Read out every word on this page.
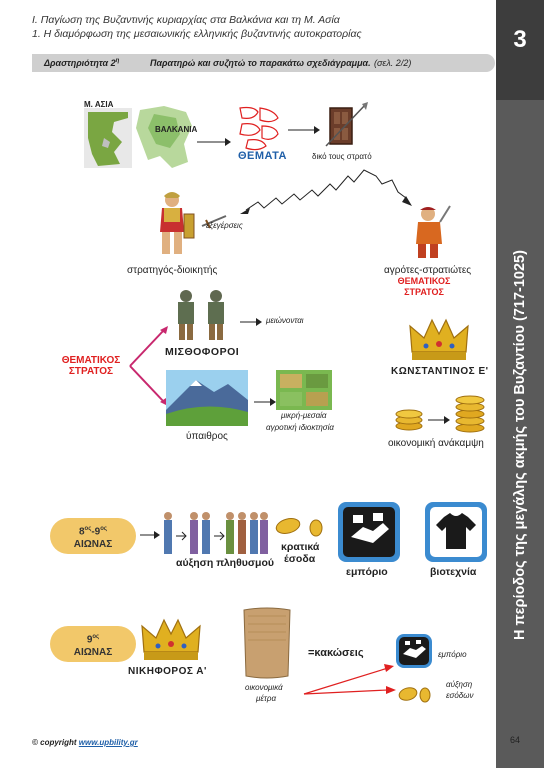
3
Η περίοδος της μεγάλης ακμής του Βυζαντίου (717-1025)
Ι. Παγίωση της Βυζαντινής κυριαρχίας στα Βαλκάνια και τη Μ. Ασία
1. Η διαμόρφωση της μεσαιωνικής ελληνικής βυζαντινής αυτοκρατορίας
Δραστηριότητα $2^\eta$	Παρατηρώ και συζητώ το παρακάτω σχεδιάγραμμα. (σελ. 2/2)
Μ. ΑΣΙΑ
ΒΑΛΚΑΝΙΑ
ΘΕΜΑΤΑ	δικό τους στρατό
εξεγέρσεις
στρατηγός-διοικητής	αγρότες-στρατιώτες
ΘΕΜΑΤΙΚΟΣ
ΣΤΡΑΤΟΣ
ΘΕΜΑΤΙΚΟΣ
ΣΤΡΑΤΟΣ
μειώνονται
ΜΙΣΘΟΦΟΡΟΙ
ύπαιθρος
μικρή-μεσαία
αγροτική ιδιοκτησία
ΚΩΝΣΤΑΝΤΙΝΟΣ Ε'
οικονομική ανάκαμψη
$8^{o\varsigma}-9^{o\varsigma}$
ΑΙΩΝΑΣ
αύξηση πληθυσμού
κρατικά
έσοδα
εμπόριο	βιοτεχνία
$9^{o\varsigma}$
ΑΙΩΝΑΣ
ΝΙΚΗΦΟΡΟΣ Α'
οικονομικά
μέτρα
=κακώσεις	εμπόριο
αύξηση
εσόδων
© copyright www.upbility.gr	64
